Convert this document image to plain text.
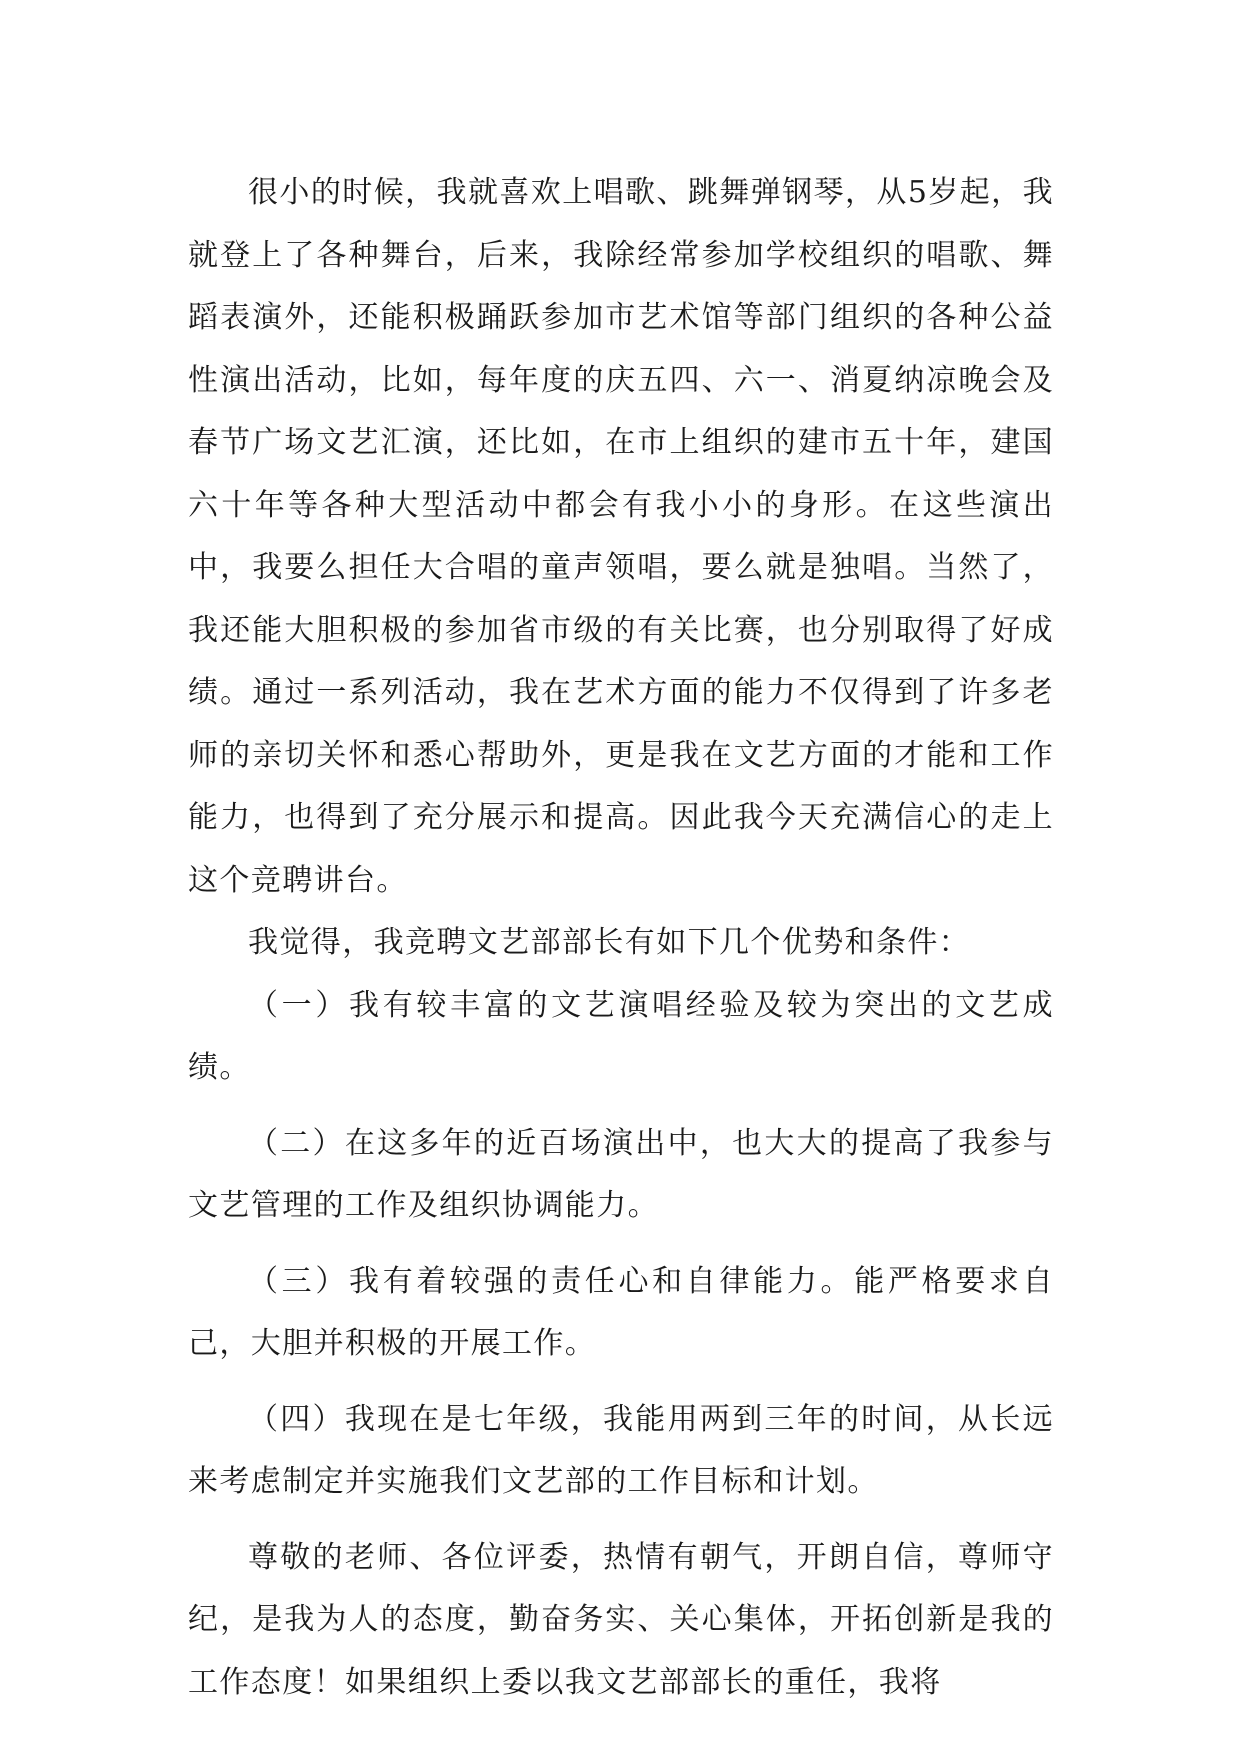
很小的时候，我就喜欢上唱歌、跳舞弹钢琴，从5岁起，我就登上了各种舞台，后来，我除经常参加学校组织的唱歌、舞蹈表演外，还能积极踊跃参加市艺术馆等部门组织的各种公益性演出活动，比如，每年度的庆五四、六一、消夏纳凉晚会及春节广场文艺汇演，还比如，在市上组织的建市五十年，建国六十年等各种大型活动中都会有我小小的身形。在这些演出中，我要么担任大合唱的童声领唱，要么就是独唱。当然了，我还能大胆积极的参加省市级的有关比赛，也分别取得了好成绩。通过一系列活动，我在艺术方面的能力不仅得到了许多老师的亲切关怀和悉心帮助外，更是我在文艺方面的才能和工作能力，也得到了充分展示和提高。因此我今天充满信心的走上这个竞聘讲台。

我觉得，我竞聘文艺部部长有如下几个优势和条件：

（一）我有较丰富的文艺演唱经验及较为突出的文艺成绩。

（二）在这多年的近百场演出中，也大大的提高了我参与文艺管理的工作及组织协调能力。

（三）我有着较强的责任心和自律能力。能严格要求自己，大胆并积极的开展工作。

（四）我现在是七年级，我能用两到三年的时间，从长远来考虑制定并实施我们文艺部的工作目标和计划。

尊敬的老师、各位评委，热情有朝气，开朗自信，尊师守纪，是我为人的态度，勤奋务实、关心集体，开拓创新是我的工作态度！如果组织上委以我文艺部部长的重任，我将
